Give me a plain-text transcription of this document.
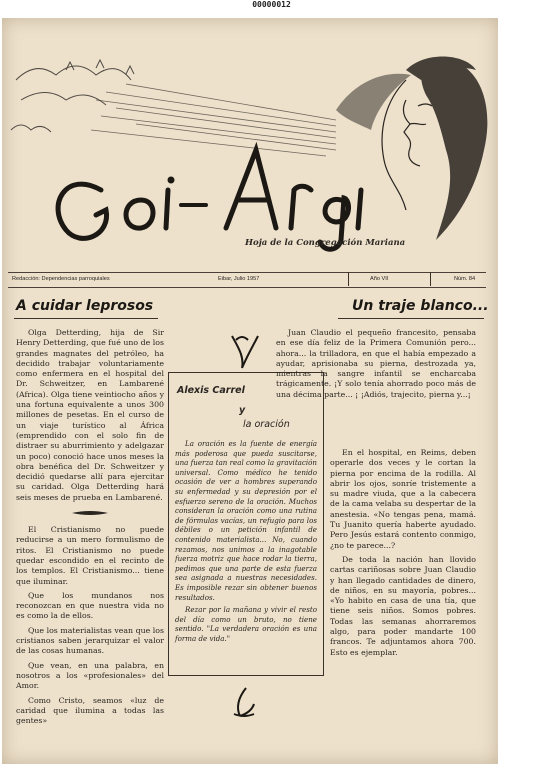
00000012
Hoja de la Congregación Mariana
Redacción: Dependencias parroquiales	Eibar, Julio 1957	Año VII	Núm. 84
A cuidar leprosos	Un traje blanco...

Olga Detterding, hija de Sir Henry Detterding, que fué uno de los grandes magnates del petróleo, ha decidido trabajar voluntariamente como enfermera en el hospital del Dr. Schweitzer, en Lambarené (Africa). Olga tiene veintiocho años y una fortuna equivalente a unos 300 millones de pesetas. En el curso de un viaje turístico al África (emprendido con el solo fin de distraer su aburrimiento y adelgazar un poco) conoció hace unos meses la obra benéfica del Dr. Schweitzer y decidió quedarse allí para ejercitar su caridad. Olga Detterding hará seis meses de prueba en Lambarené.

El Cristianismo no puede reducirse a un mero formulismo de ritos. El Cristianismo no puede quedar escondido en el recinto de los templos. El Cristianismo... tiene que iluminar.

Que los mundanos nos reconozcan en que nuestra vida no es como la de ellos.

Que los materialistas vean que los cristianos saben jerarquizar el valor de las cosas humanas.

Que vean, en una palabra, en nosotros a los «profesionales» del Amor.

Como Cristo, seamos «luz de caridad que ilumina a todas las gentes»

Alexis Carrel
y
la oración

La oración es la fuente de energía más poderosa que pueda suscitarse, una fuerza tan real como la gravitación universal. Como médico he tenido ocasión de ver a hombres superando su enfermedad y su depresión por el esfuerzo sereno de la oración. Muchos consideran la oración como una rutina de fórmulas vacías, un refugio para los débiles o un petición infantil de contenido materialista... No, cuando rezamos, nos unimos a la inagotable fuerza motriz que hace rodar la tierra, pedimos que una parte de esta fuerza sea asignada a nuestras necesidades. Es imposible rezar sin obtener buenos resultados.

Rezar por la mañana y vivir el resto del día como un bruto, no tiene sentido. "La verdadera oración es una forma de vida."

Juan Claudio el pequeño francesito, pensaba en ese día feliz de la Primera Comunión pero... ahora... la trilladora, en que el había empezado a ayudar, aprisionaba su pierna, destrozada ya, mientras la sangre infantil se encharcaba trágicamente. ¡Y solo tenía ahorrado poco más de una décima parte... ¡ ¡Adiós, trajecito, pierna y...¡

En el hospital, en Reims, deben operarle dos veces y le cortan la pierna por encima de la rodilla. Al abrir los ojos, sonríe tristemente a su madre viuda, que a la cabecera de la cama velaba su despertar de la anestesia. «No tengas pena, mamá. Tu Juanito quería haberte ayudado. Pero Jesús estará contento conmigo, ¿no te parece...?

De toda la nación han llovido cartas cariñosas sobre Juan Claudio y han llegado cantidades de dinero, de niños, en su mayoría, pobres... «Yo habito en casa de una tía, que tiene seis niños. Somos pobres. Todas las semanas ahorraremos algo, para poder mandarte 100 francos. Te adjuntamos ahora 700. Esto es ejemplar.
